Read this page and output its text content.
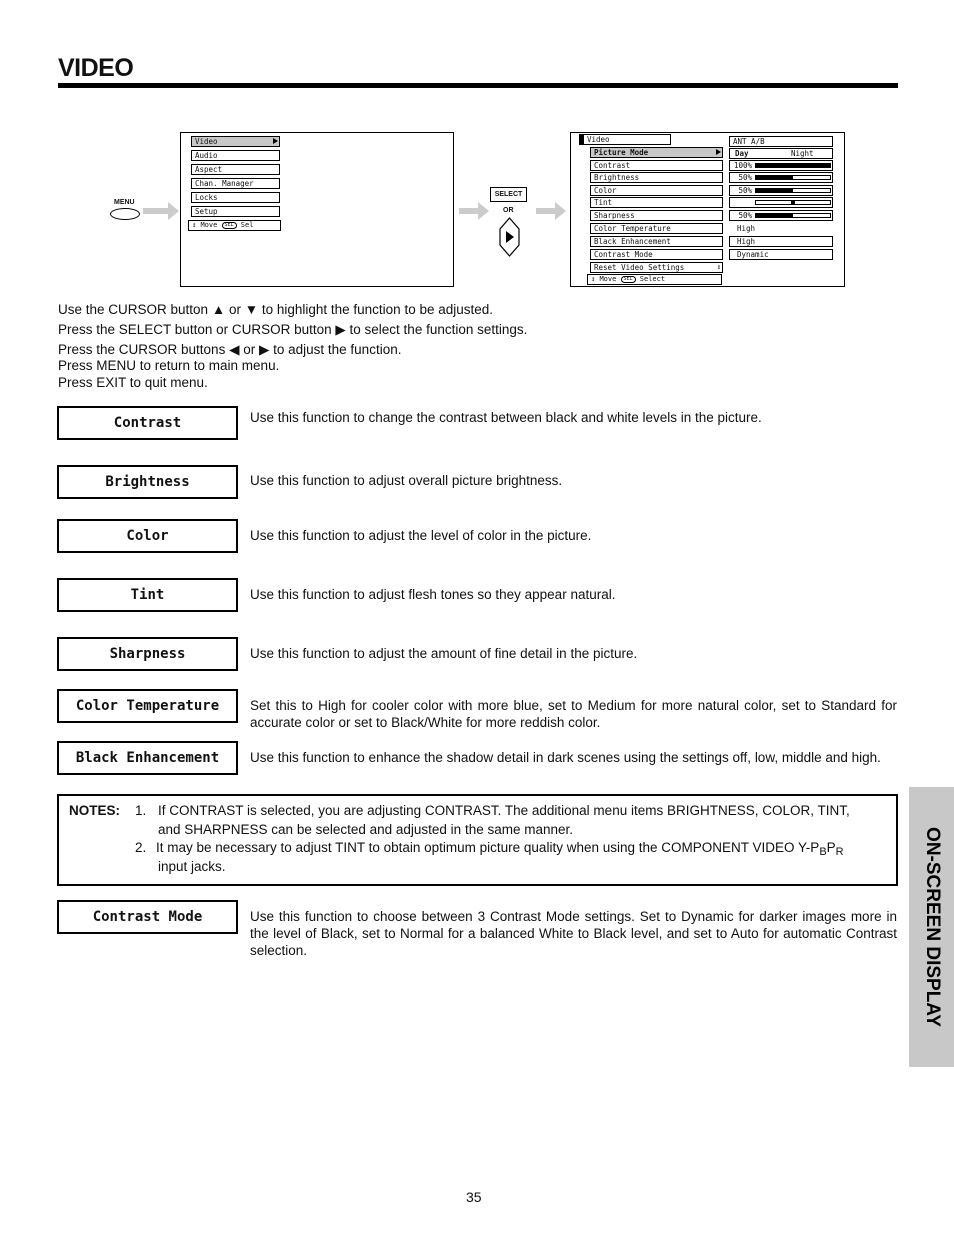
VIDEO
MENU
Video
Audio
Aspect
Chan. Manager
Locks
Setup
↕ Move SEL Sel
SELECT
OR
Video
Picture Mode
Contrast
Brightness
Color
Tint
Sharpness
Color Temperature
Black Enhancement
Contrast Mode
Reset Video Settings	↕
↕ Move SEL Select
ANT A/B
Day	Night
100%
50%
50%
50%
High
High
Dynamic
Use the CURSOR button ▲ or ▼ to highlight the function to be adjusted.
Press the SELECT button or CURSOR button ▶ to select the function settings.
Press the CURSOR buttons ◀ or ▶ to adjust the function.
Press MENU to return to main menu.
Press EXIT to quit menu.
Contrast	Use this function to change the contrast between black and white levels in the picture.
Brightness	Use this function to adjust overall picture brightness.
Color	Use this function to adjust the level of color in the picture.
Tint	Use this function to adjust flesh tones so they appear natural.
Sharpness	Use this function to adjust the amount of fine detail in the picture.
Color Temperature	Set this to High for cooler color with more blue, set to Medium for more natural color, set to Standard for accurate color or set to Black/White for more reddish color.
Black Enhancement	Use this function to enhance the shadow detail in dark scenes using the settings off, low, middle and high.
NOTES: 1. If CONTRAST is selected, you are adjusting CONTRAST. The additional menu items BRIGHTNESS, COLOR, TINT,
and SHARPNESS can be selected and adjusted in the same manner.
2. It may be necessary to adjust TINT to obtain optimum picture quality when using the COMPONENT VIDEO $Y-P_BP_R$
input jacks.
Contrast Mode	Use this function to choose between 3 Contrast Mode settings. Set to Dynamic for darker images more in the level of Black, set to Normal for a balanced White to Black level, and set to Auto for automatic Contrast selection.	ON-SCREEN DISPLAY
35
